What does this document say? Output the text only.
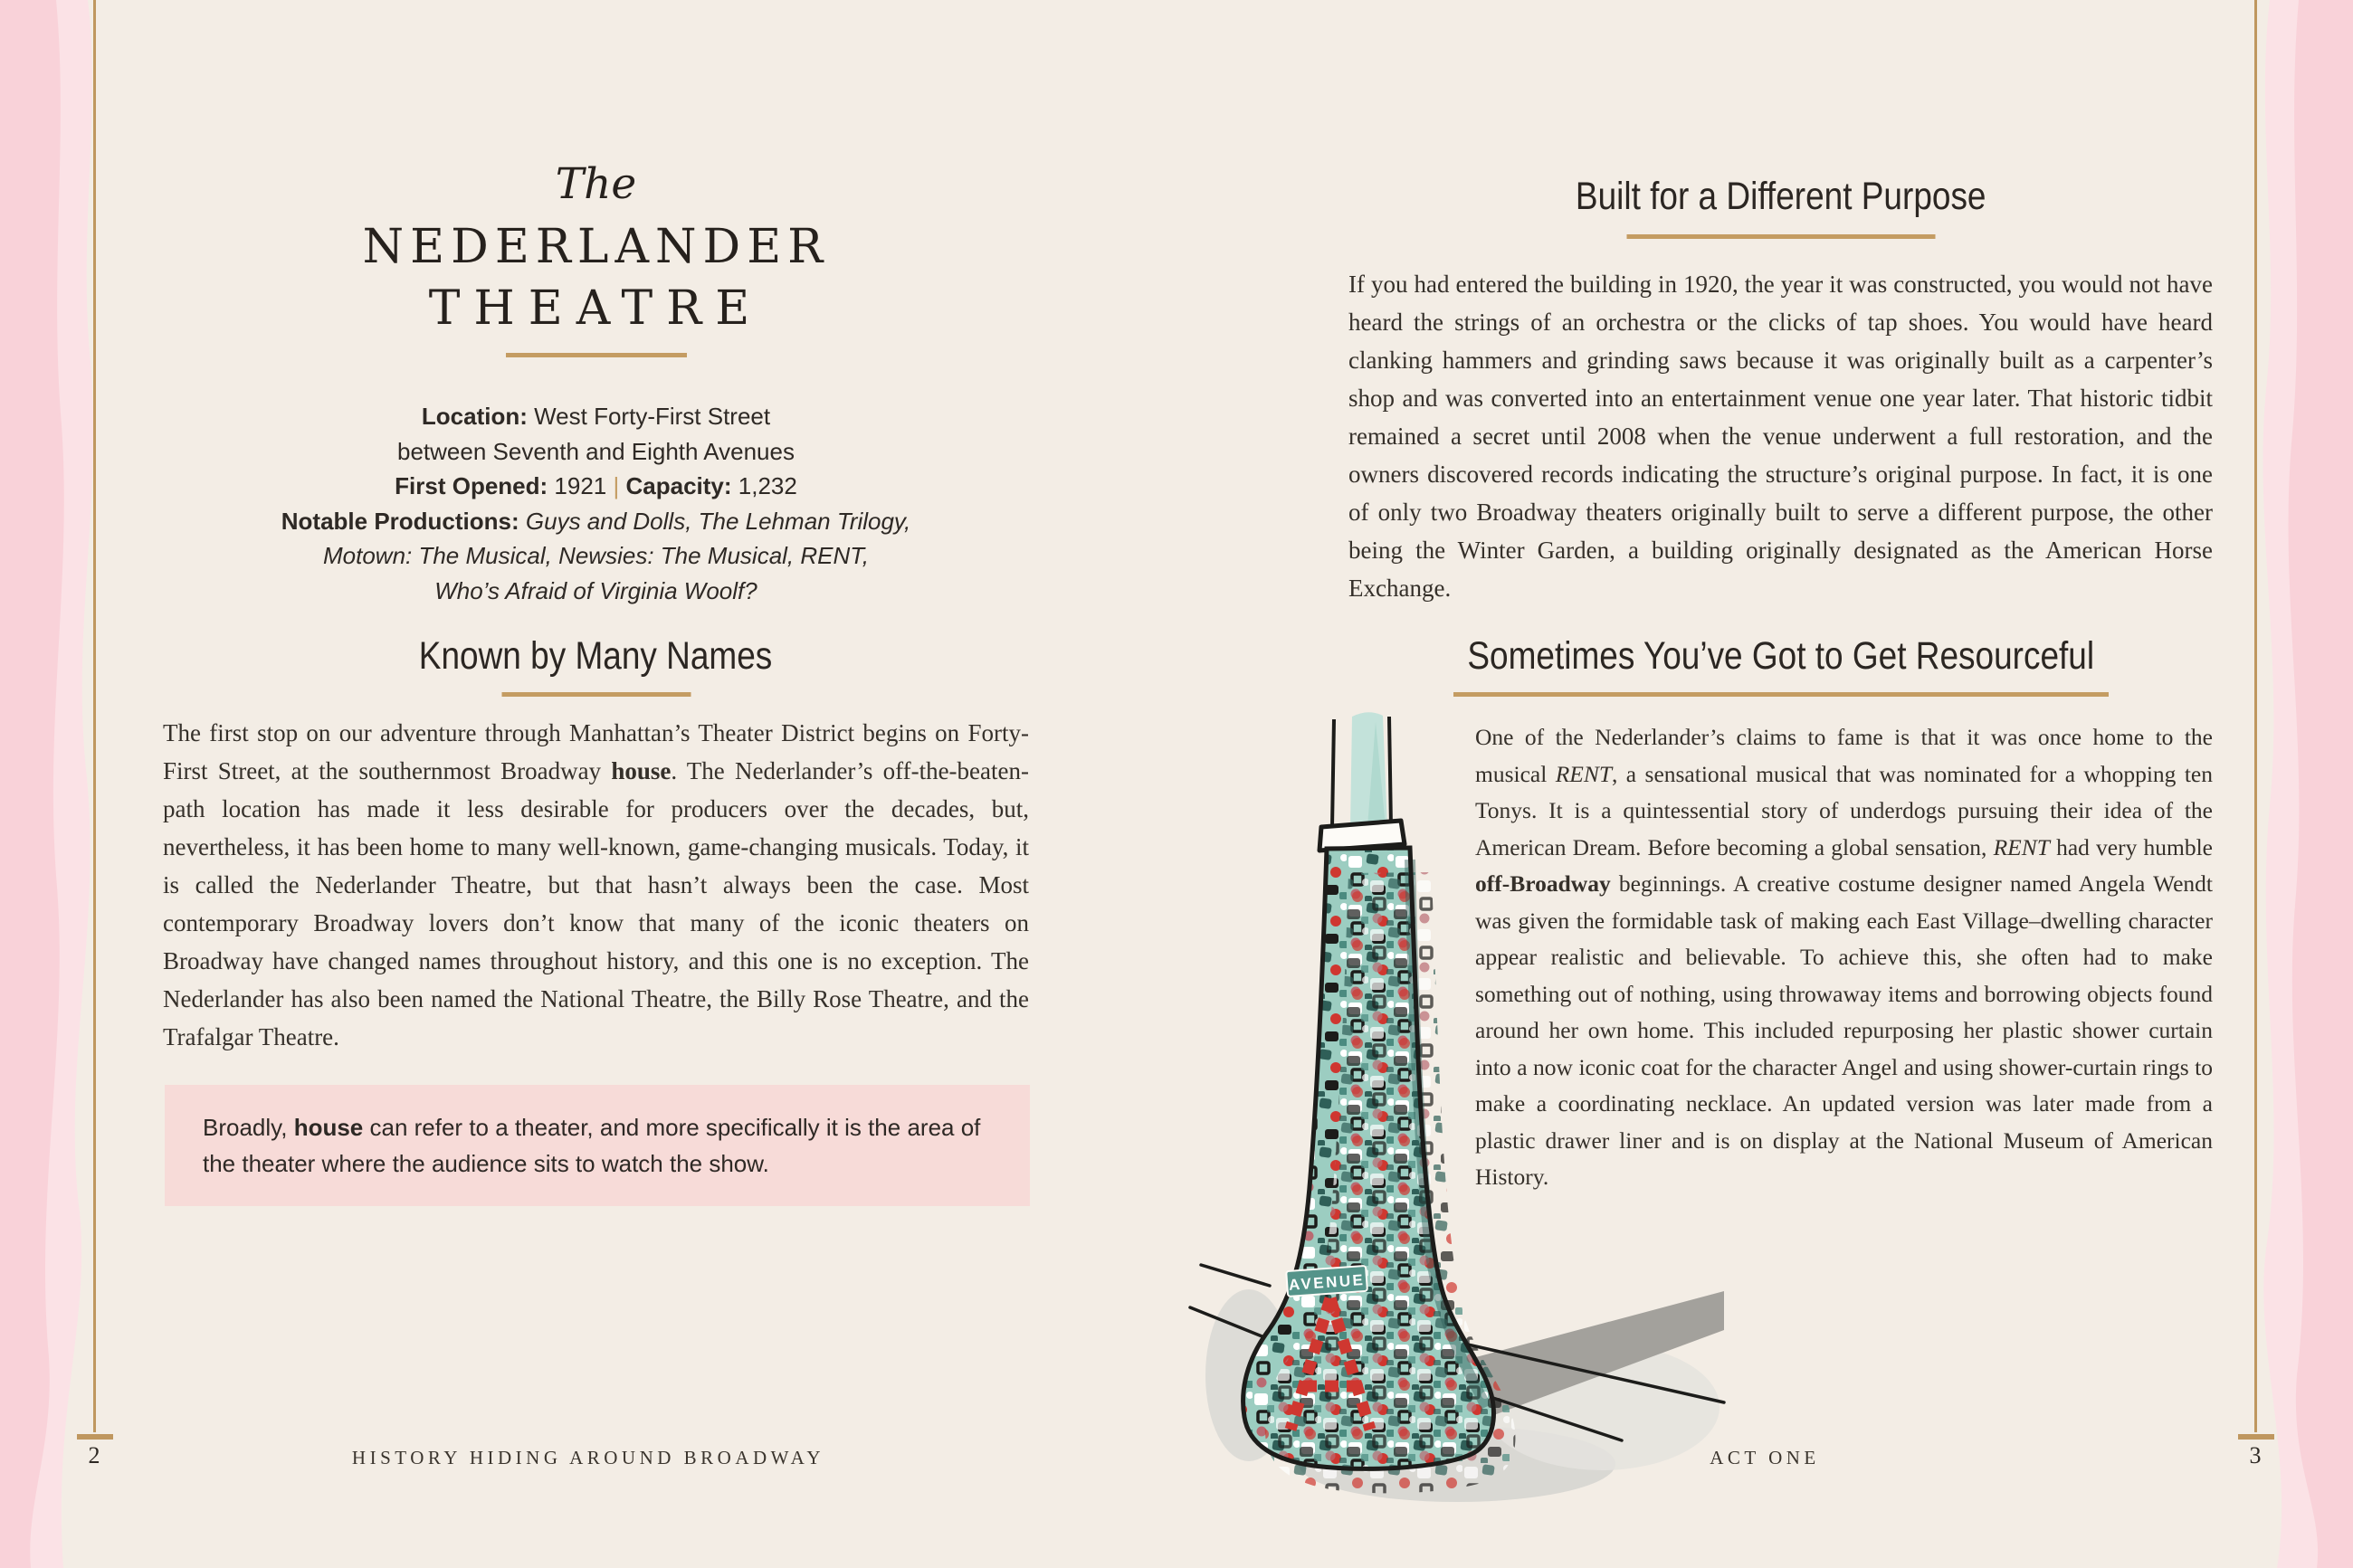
2	3
HISTORY HIDING AROUND BROADWAY	ACT ONE
The
NEDERLANDER
THEATRE
Location: West Forty-First Street
between Seventh and Eighth Avenues
First Opened: 1921 | Capacity: 1,232
Notable Productions: Guys and Dolls, The Lehman Trilogy,
Motown: The Musical, Newsies: The Musical, RENT,
Who’s Afraid of Virginia Woolf?
Known by Many Names
The first stop on our adventure through Manhattan’s Theater District begins on Forty-First Street, at the southernmost Broadway house. The Nederlander’s off-the-beaten-path location has made it less desirable for producers over the decades, but, nevertheless, it has been home to many well-known, game-changing musicals. Today, it is called the Nederlander Theatre, but that hasn’t always been the case. Most contemporary Broadway lovers don’t know that many of the iconic theaters on Broadway have changed names throughout history, and this one is no exception. The Nederlander has also been named the National Theatre, the Billy Rose Theatre, and the Trafalgar Theatre.
Broadly, house can refer to a theater, and more specifically it is the area of the theater where the audience sits to watch the show.
Built for a Different Purpose
If you had entered the building in 1920, the year it was constructed, you would not have heard the strings of an orchestra or the clicks of tap shoes. You would have heard clanking hammers and grinding saws because it was originally built as a carpenter’s shop and was converted into an entertainment venue one year later. That historic tidbit remained a secret until 2008 when the venue underwent a full restoration, and the owners discovered records indicating the structure’s original purpose. In fact, it is one of only two Broadway theaters originally built to serve a different purpose, the other being the Winter Garden, a building originally designated as the American Horse Exchange.
Sometimes You’ve Got to Get Resourceful
One of the Nederlander’s claims to fame is that it was once home to the musical RENT, a sensational musical that was nominated for a whopping ten Tonys. It is a quintessential story of underdogs pursuing their idea of the American Dream. Before becoming a global sensation, RENT had very humble off-Broadway beginnings. A creative costume designer named Angela Wendt was given the formidable task of making each East Village–dwelling character appear realistic and believable. To achieve this, she often had to make something out of nothing, using throwaway items and borrowing objects found around her own home. This included repurposing her plastic shower curtain into a now iconic coat for the character Angel and using shower-curtain rings to make a coordinating necklace. An updated version was later made from a plastic drawer liner and is on display at the National Museum of American History.
AVENUE
